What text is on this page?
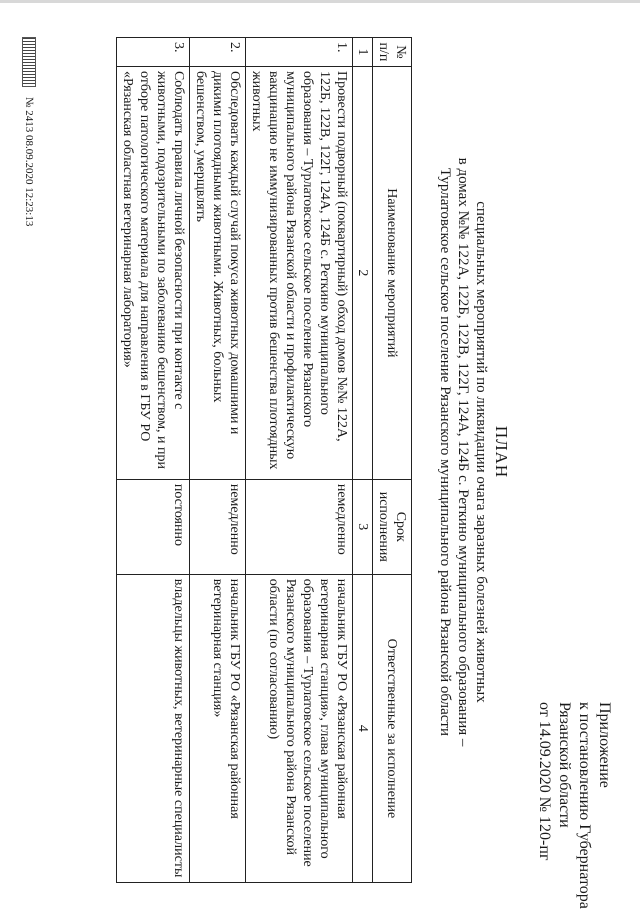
Приложение
к постановлению Губернатора
Рязанской области
от 14.09.2020 № 120-пг
ПЛАН
специальных мероприятий по ликвидации очага заразных болезней животных
в домах №№ 122А, 122Б, 122В, 122Г, 124А, 124Б с. Реткино муниципального образования –
Турлатовское сельское поселение Рязанского муниципального района Рязанской области
№ п/п	Наименование мероприятий	Срок исполнения	Ответственные за исполнение
1	2	3	4
1.	Провести подворный (поквартирный) обход домов №№ 122А, 122Б, 122В, 122Г, 124А, 124Б с. Реткино муниципального образования – Турлатовское сельское поселение Рязанского муниципального района Рязанской области и профилактическую вакцинацию не иммунизированных против бешенства плотоядных животных	немедленно	начальник ГБУ РО «Рязанская районная ветеринарная станция», глава муниципального образования – Турлатовское сельское поселение Рязанского муниципального района Рязанской области (по согласованию)
2.	Обследовать каждый случай покуса животных домашними и дикими плотоядными животными. Животных, больных бешенством, умерщвлять	немедленно	начальник ГБУ РО «Рязанская районная ветеринарная станция»
3.	Соблюдать правила личной безопасности при контакте с животными, подозрительными по заболеванию бешенством, и при отборе патологического материала для направления в ГБУ РО «Рязанская областная ветеринарная лаборатория»	постоянно	владельцы животных, ветеринарные специалисты
№ 2413 08.09.2020 12:23:13
